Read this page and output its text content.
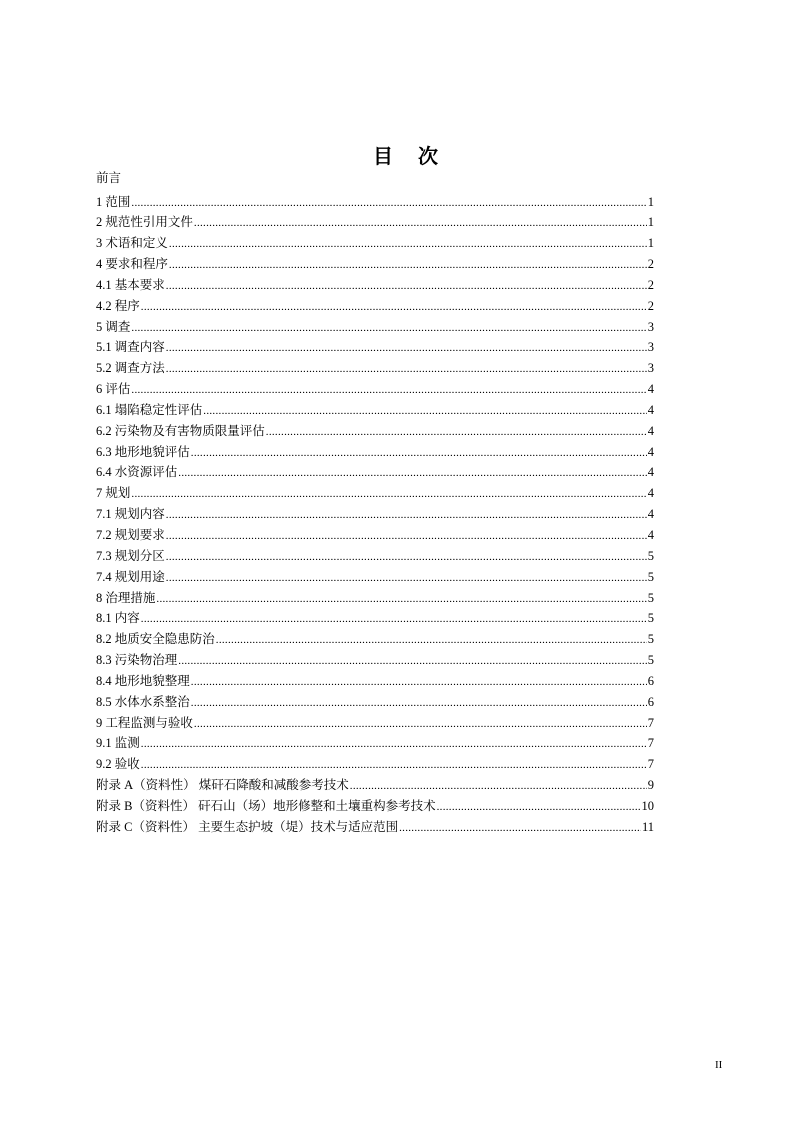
目 次
前言
1 范围 .....	1
2 规范性引用文件 .....	1
3 术语和定义 .....	1
4 要求和程序 .....	2
4.1 基本要求 .....	2
4.2 程序 .....	2
5 调查 .....	3
5.1 调查内容 .....	3
5.2 调查方法 .....	3
6 评估 .....	4
6.1 塌陷稳定性评估 .....	4
6.2 污染物及有害物质限量评估 .....	4
6.3 地形地貌评估 .....	4
6.4 水资源评估 .....	4
7 规划 .....	4
7.1 规划内容 .....	4
7.2 规划要求 .....	4
7.3 规划分区 .....	5
7.4 规划用途 .....	5
8 治理措施 .....	5
8.1 内容 .....	5
8.2 地质安全隐患防治 .....	5
8.3 污染物治理 .....	5
8.4 地形地貌整理 .....	6
8.5 水体水系整治 .....	6
9 工程监测与验收 .....	7
9.1 监测 .....	7
9.2 验收 .....	7
附录 A（资料性） 煤矸石降酸和减酸参考技术 .....	9
附录 B（资料性） 矸石山（场）地形修整和土壤重构参考技术 .....	10
附录 C（资料性） 主要生态护坡（堤）技术与适应范围 .....	11
II
